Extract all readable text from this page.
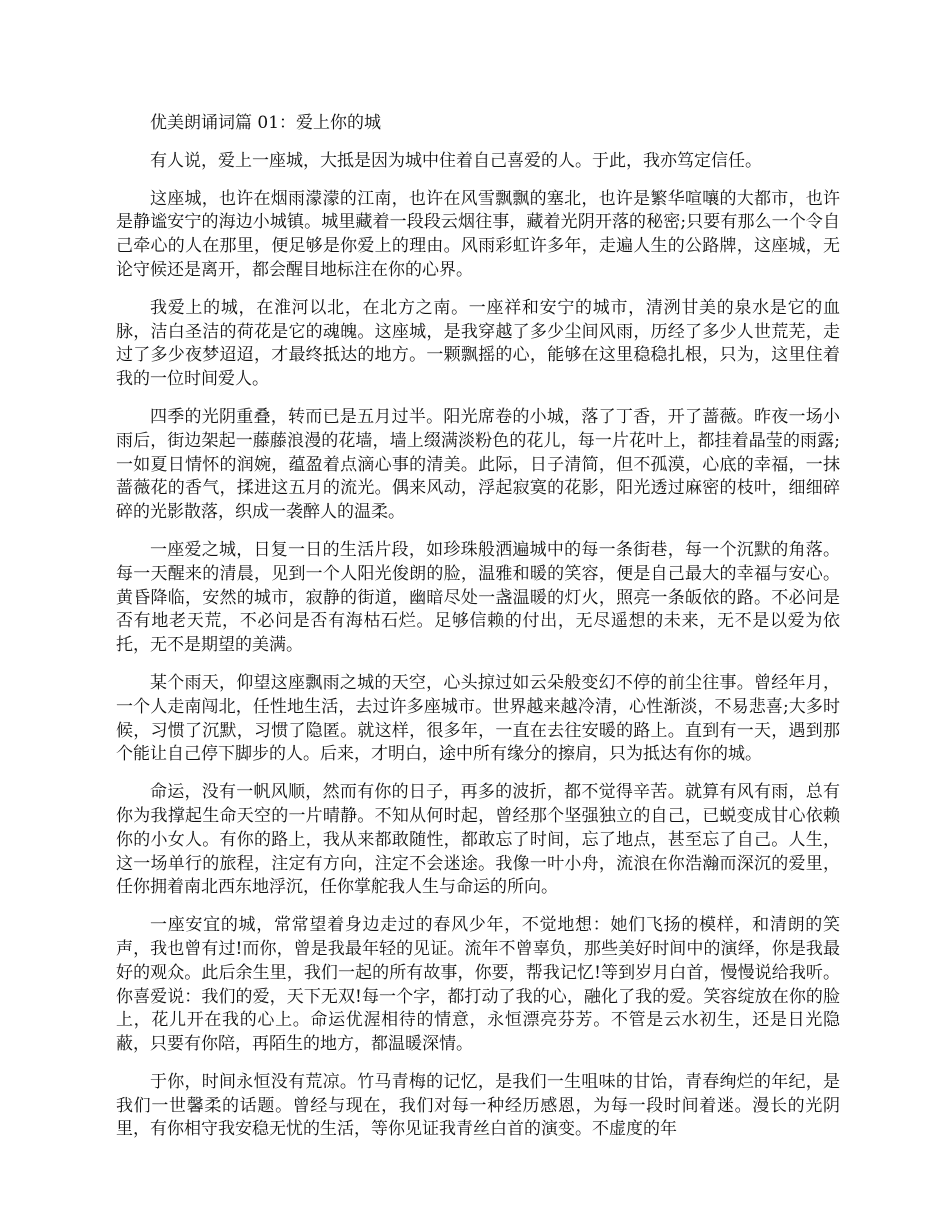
优美朗诵词篇 01：爱上你的城

有人说，爱上一座城，大抵是因为城中住着自己喜爱的人。于此，我亦笃定信任。

这座城，也许在烟雨濛濛的江南，也许在风雪飘飘的塞北，也许是繁华喧嚷的大都市，也许是静谧安宁的海边小城镇。城里藏着一段段云烟往事，藏着光阴开落的秘密;只要有那么一个令自己牵心的人在那里，便足够是你爱上的理由。风雨彩虹许多年，走遍人生的公路牌，这座城，无论守候还是离开，都会醒目地标注在你的心界。

我爱上的城，在淮河以北，在北方之南。一座祥和安宁的城市，清洌甘美的泉水是它的血脉，洁白圣洁的荷花是它的魂魄。这座城，是我穿越了多少尘间风雨，历经了多少人世荒芜，走过了多少夜梦迢迢，才最终抵达的地方。一颗飘摇的心，能够在这里稳稳扎根，只为，这里住着我的一位时间爱人。

四季的光阴重叠，转而已是五月过半。阳光席卷的小城，落了丁香，开了蔷薇。昨夜一场小雨后，街边架起一藤藤浪漫的花墙，墙上缀满淡粉色的花儿，每一片花叶上，都挂着晶莹的雨露;一如夏日情怀的润婉，蕴盈着点滴心事的清美。此际，日子清简，但不孤漠，心底的幸福，一抹蔷薇花的香气，揉进这五月的流光。偶来风动，浮起寂寞的花影，阳光透过麻密的枝叶，细细碎碎的光影散落，织成一袭醉人的温柔。

一座爱之城，日复一日的生活片段，如珍珠般洒遍城中的每一条街巷，每一个沉默的角落。每一天醒来的清晨，见到一个人阳光俊朗的脸，温雅和暖的笑容，便是自己最大的幸福与安心。黄昏降临，安然的城市，寂静的街道，幽暗尽处一盏温暖的灯火，照亮一条皈依的路。不必问是否有地老天荒，不必问是否有海枯石烂。足够信赖的付出，无尽遥想的未来，无不是以爱为依托，无不是期望的美满。

某个雨天，仰望这座飘雨之城的天空，心头掠过如云朵般变幻不停的前尘往事。曾经年月，一个人走南闯北，任性地生活，去过许多座城市。世界越来越冷清，心性渐淡，不易悲喜;大多时候，习惯了沉默，习惯了隐匿。就这样，很多年，一直在去往安暖的路上。直到有一天，遇到那个能让自己停下脚步的人。后来，才明白，途中所有缘分的擦肩，只为抵达有你的城。

命运，没有一帆风顺，然而有你的日子，再多的波折，都不觉得辛苦。就算有风有雨，总有你为我撑起生命天空的一片晴静。不知从何时起，曾经那个坚强独立的自己，已蜕变成甘心依赖你的小女人。有你的路上，我从来都敢随性，都敢忘了时间，忘了地点，甚至忘了自己。人生，这一场单行的旅程，注定有方向，注定不会迷途。我像一叶小舟，流浪在你浩瀚而深沉的爱里，任你拥着南北西东地浮沉，任你掌舵我人生与命运的所向。

一座安宜的城，常常望着身边走过的春风少年，不觉地想：她们飞扬的模样，和清朗的笑声，我也曾有过!而你，曾是我最年轻的见证。流年不曾辜负，那些美好时间中的演绎，你是我最好的观众。此后余生里，我们一起的所有故事，你要，帮我记忆!等到岁月白首，慢慢说给我听。你喜爱说：我们的爱，天下无双!每一个字，都打动了我的心，融化了我的爱。笑容绽放在你的脸上，花儿开在我的心上。命运优渥相待的情意，永恒漂亮芬芳。不管是云水初生，还是日光隐蔽，只要有你陪，再陌生的地方，都温暖深情。

于你，时间永恒没有荒凉。竹马青梅的记忆，是我们一生咀味的甘饴，青春绚烂的年纪，是我们一世馨柔的话题。曾经与现在，我们对每一种经历感恩，为每一段时间着迷。漫长的光阴里，有你相守我安稳无忧的生活，等你见证我青丝白首的演变。不虚度的年
